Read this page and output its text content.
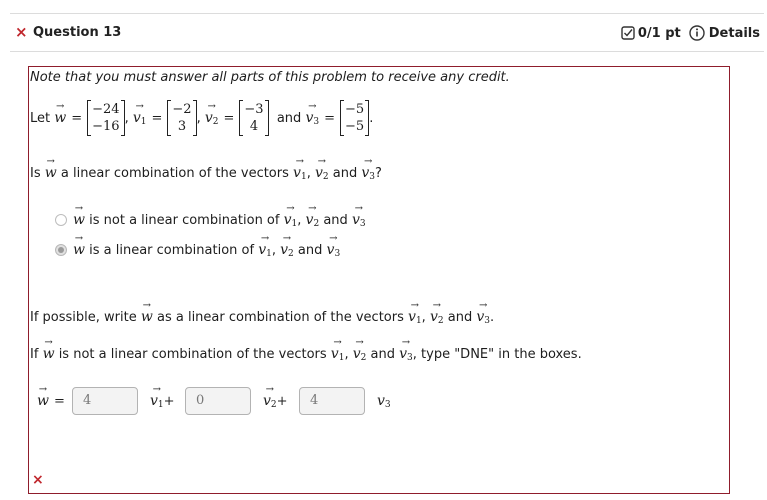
× Question 13	0/1 pt Details
Note that you must answer all parts of this problem to receive any credit.
Let
w
→
=
−24
−16
, v
→
$_1$ =
−2
3
, v
→
$_2$ =
−3
4

and
v
→
$_3$ =
−5
−5
.
Is w
→
a linear combination of the vectors v
→
$_1$, v
→
$_2$ and v
→
$_3$?
w
→
is not a linear combination of v
→
$_1$, v
→
$_2$ and v
→
$_3$
w
→
is a linear combination of v
→
$_1$, v
→
$_2$ and v
→
$_3$
If possible, write w
→
as a linear combination of the vectors v
→
$_1$, v
→
$_2$ and v
→
$_3$.
If w
→
is not a linear combination of the vectors v
→
$_1$, v
→
$_2$ and v
→
$_3$, type "DNE" in the boxes.
w
→
=	4	v
→
$_1$+	0	v
→
$_2$+	4	$v_3$
×
